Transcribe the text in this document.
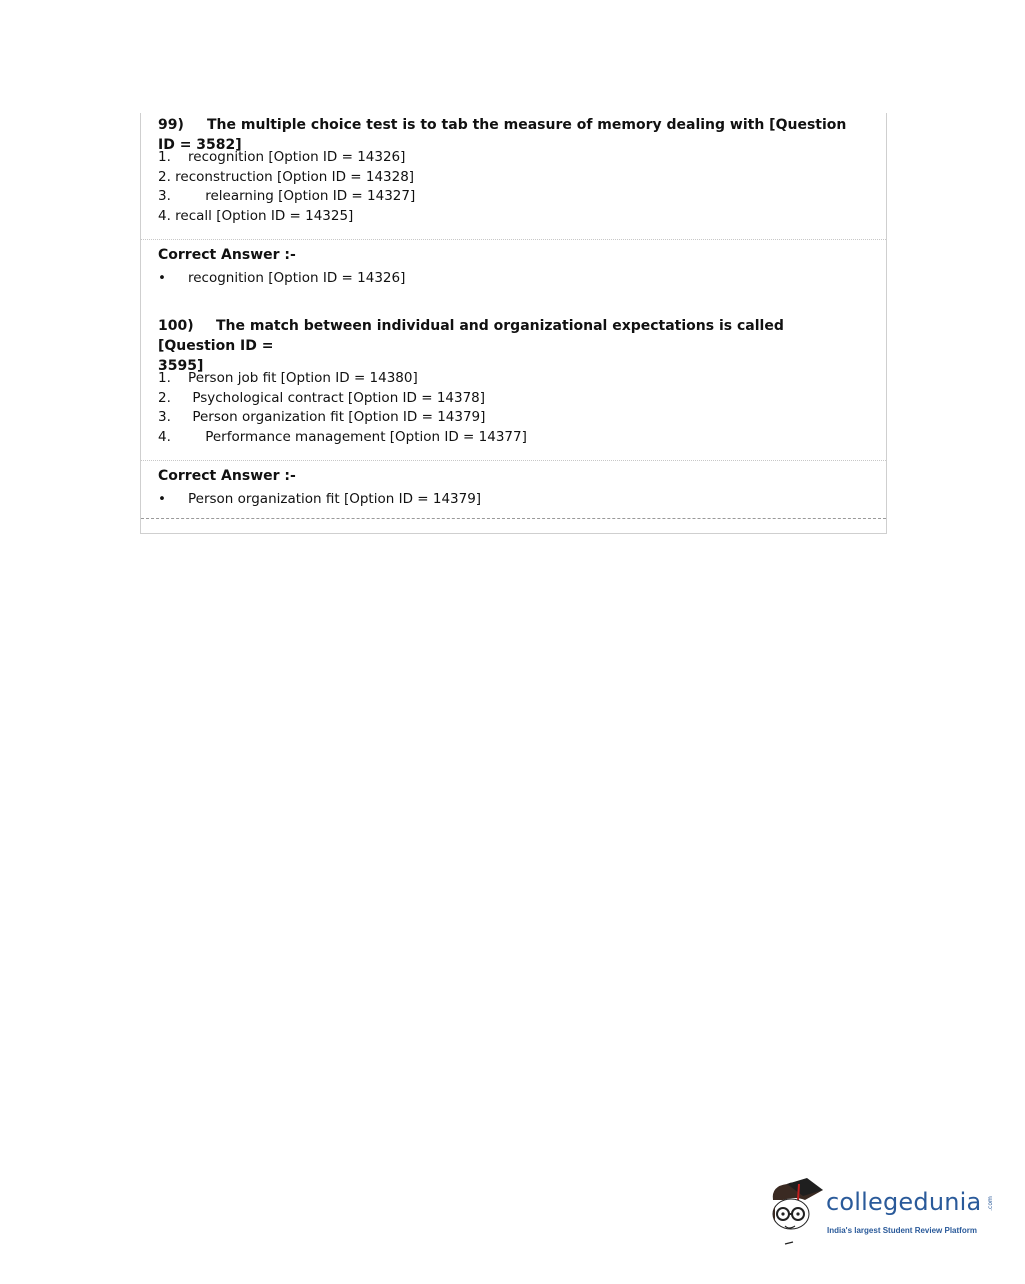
99) The multiple choice test is to tab the measure of memory dealing with [Question ID = 3582]

1.    recognition [Option ID = 14326]
2. reconstruction [Option ID = 14328]
3.        relearning [Option ID = 14327]
4. recall [Option ID = 14325]
Correct Answer :-
• recognition [Option ID = 14326]

100) The match between individual and organizational expectations is called [Question ID =
3595]

1.    Person job fit [Option ID = 14380]
2.     Psychological contract [Option ID = 14378]
3.     Person organization fit [Option ID = 14379]
4.        Performance management [Option ID = 14377]
Correct Answer :-
• Person organization fit [Option ID = 14379]
collegedunia .com
India's largest Student Review Platform
